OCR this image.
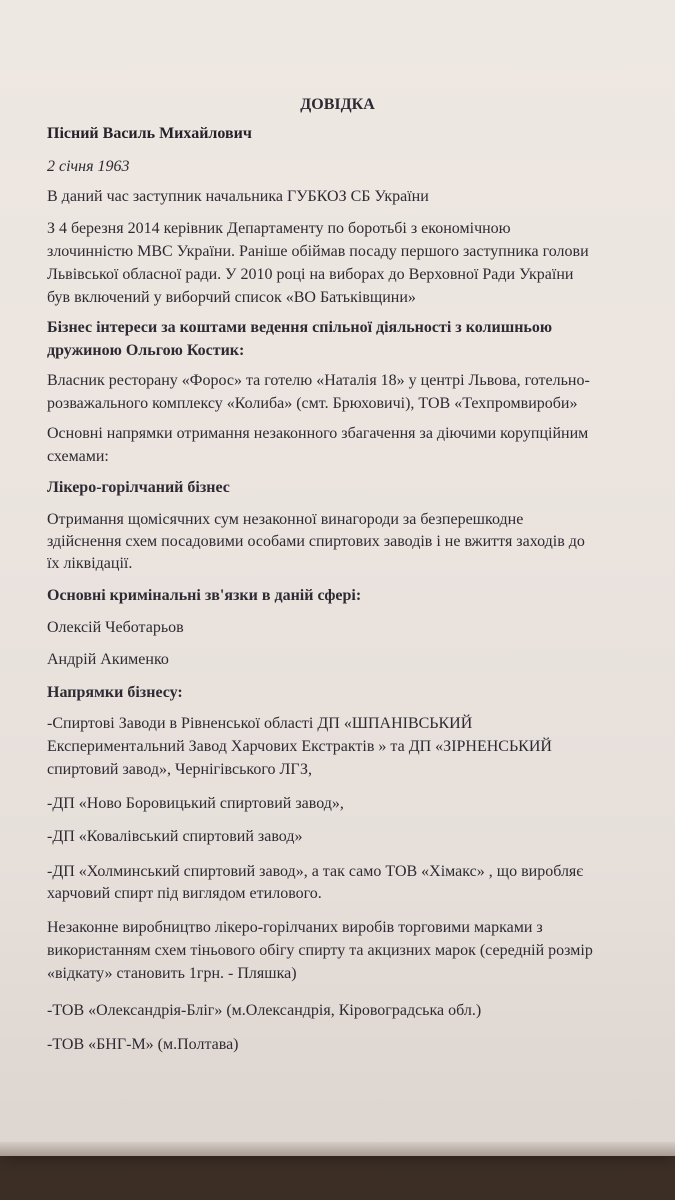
ДОВІДКА
Пісний Василь Михайлович
2 січня 1963
В даний час заступник начальника ГУБКОЗ СБ України
З 4 березня 2014 керівник Департаменту по боротьбі з економічною
злочинністю МВС України. Раніше обіймав посаду першого заступника голови
Львівської обласної ради. У 2010 році на виборах до Верховної Ради України
був включений у виборчий список «ВО Батьківщини»
Бізнес інтереси за коштами ведення спільної діяльності з колишньою
дружиною Ольгою Костик:
Власник ресторану «Форос» та готелю «Наталія 18» у центрі Львова, готельно-
розважального комплексу «Колиба» (смт. Брюховичі), ТОВ «Техпромвироби»
Основні напрямки отримання незаконного збагачення за діючими корупційним
схемами:
Лікеро-горілчаний бізнес
Отримання щомісячних сум незаконної винагороди за безперешкодне
здійснення схем посадовими особами спиртових заводів і не вжиття заходів до
їх ліквідації.
Основні кримінальні зв'язки в даній сфері:
Олексій Чеботарьов
Андрій Акименко
Напрямки бізнесу:
-Спиртові Заводи в Рівненської області ДП «ШПАНІВСЬКИЙ
Експериментальний Завод Харчових Екстрактів » та ДП «ЗІРНЕНСЬКИЙ
спиртовий завод», Чернігівського ЛГЗ,
-ДП «Ново Боровицький спиртовий завод»,
-ДП «Ковалівський спиртовий завод»
-ДП «Холминський спиртовий завод», а так само ТОВ «Хімакс» , що виробляє
харчовий спирт під виглядом етилового.
Незаконне виробництво лікеро-горілчаних виробів торговими марками з
використанням схем тіньового обігу спирту та акцизних марок (середній розмір
«відкату» становить 1грн. - Пляшка)
-ТОВ «Олександрія-Бліг» (м.Олександрія, Кіровоградська обл.)
-ТОВ «БНГ-М» (м.Полтава)
